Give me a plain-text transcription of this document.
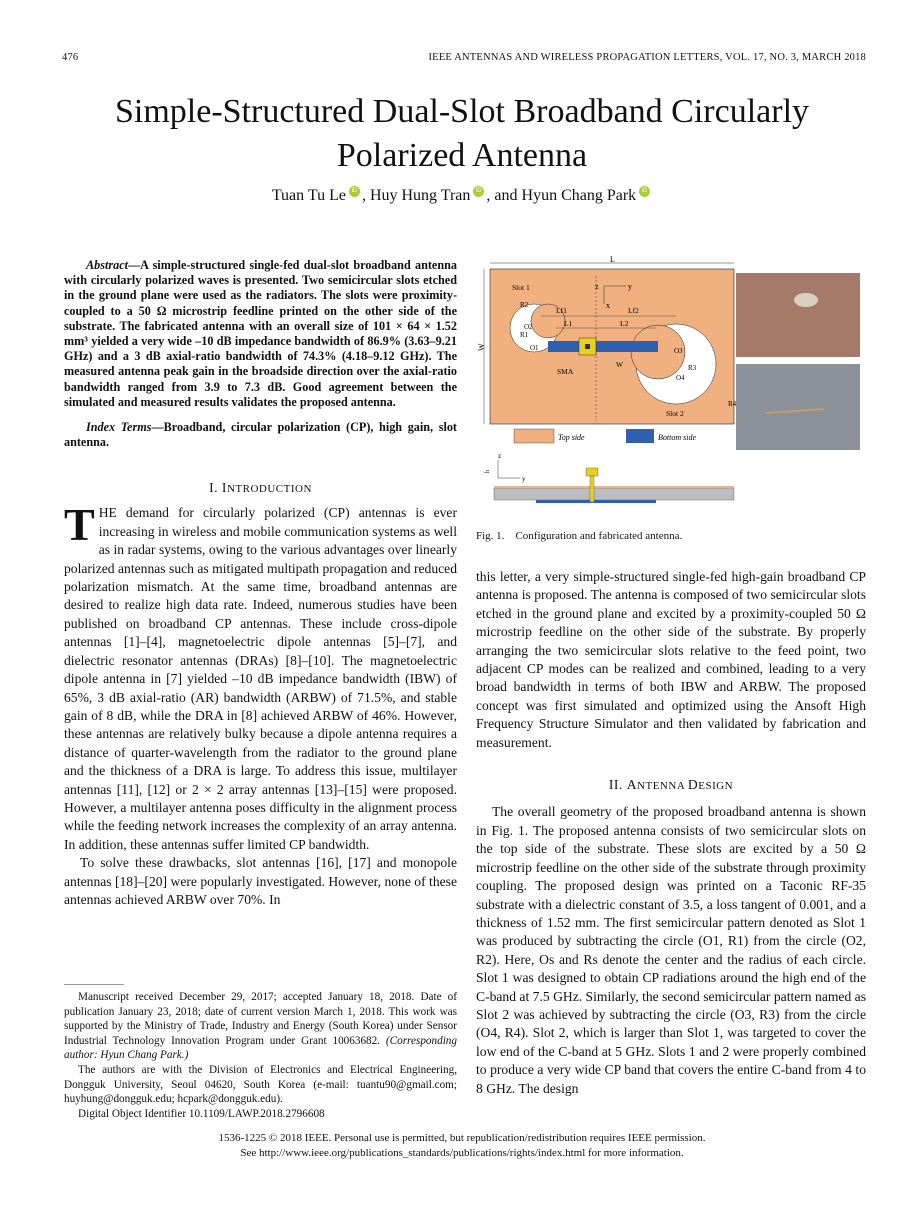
476	IEEE ANTENNAS AND WIRELESS PROPAGATION LETTERS, VOL. 17, NO. 3, MARCH 2018
Simple-Structured Dual-Slot Broadband Circularly
Polarized Antenna
Tuan Tu Le iD , Huy Hung Tran iD , and Hyun Chang Park iD
Abstract—A simple-structured single-fed dual-slot broadband antenna with circularly polarized waves is presented. Two semicircular slots etched in the ground plane were used as the radiators. The slots were proximity-coupled to a 50 Ω microstrip feedline printed on the other side of the substrate. The fabricated antenna with an overall size of 101 × 64 × 1.52 mm³ yielded a very wide –10 dB impedance bandwidth of 86.9% (3.63–9.21 GHz) and a 3 dB axial-ratio bandwidth of 74.3% (4.18–9.12 GHz). The measured antenna peak gain in the broadside direction over the axial-ratio bandwidth ranged from 3.9 to 7.3 dB. Good agreement between the simulated and measured results validates the proposed antenna.
Index Terms—Broadband, circular polarization (CP), high gain, slot antenna.
I. INTRODUCTION

THE demand for circularly polarized (CP) antennas is ever increasing in wireless and mobile communication systems as well as in radar systems, owing to the various advantages over linearly polarized antennas such as mitigated multipath propagation and reduced polarization mismatch. At the same time, broadband antennas are desired to realize high data rate. Indeed, numerous studies have been published on broadband CP antennas. These include cross-dipole antennas [1]–[4], magnetoelectric dipole antennas [5]–[7], and dielectric resonator antennas (DRAs) [8]–[10]. The magnetoelectric dipole antenna in [7] yielded –10 dB impedance bandwidth (IBW) of 65%, 3 dB axial-ratio (AR) bandwidth (ARBW) of 71.5%, and stable gain of 8 dB, while the DRA in [8] achieved ARBW of 46%. However, these antennas are relatively bulky because a dipole antenna requires a distance of quarter-wavelength from the radiator to the ground plane and the thickness of a DRA is large. To address this issue, multilayer antennas [11], [12] or 2 × 2 array antennas [13]–[15] were proposed. However, a multilayer antenna poses difficulty in the alignment process while the feeding network increases the complexity of an array antenna. In addition, these antennas suffer limited CP bandwidth.

To solve these drawbacks, slot antennas [16], [17] and monopole antennas [18]–[20] were popularly investigated. However, none of these antennas achieved ARBW over 70%. In

Manuscript received December 29, 2017; accepted January 18, 2018. Date of publication January 23, 2018; date of current version March 1, 2018. This work was supported by the Ministry of Trade, Industry and Energy (South Korea) under Sensor Industrial Technology Innovation Program under Grant 10063682. (Corresponding author: Hyun Chang Park.)
The authors are with the Division of Electronics and Electrical Engineering, Dongguk University, Seoul 04620, South Korea (e-mail: tuantu90@gmail.com; huyhung@dongguk.edu; hcpark@dongguk.edu).
Digital Object Identifier 10.1109/LAWP.2018.2796608
L
W
z	y
x
Lf1	Lf2
L1	L2
Slot 1
R2
O2
R1
O1
SMA
W
O3
R3
O4
R4
Slot 2
Top side	Bottom side
z
y
h
Fig. 1. Configuration and fabricated antenna.

this letter, a very simple-structured single-fed high-gain broadband CP antenna is proposed. The antenna is composed of two semicircular slots etched in the ground plane and excited by a proximity-coupled 50 Ω microstrip feedline on the other side of the substrate. By properly arranging the two semicircular slots relative to the feed point, two adjacent CP modes can be realized and combined, leading to a very broad bandwidth in terms of both IBW and ARBW. The proposed concept was first simulated and optimized using the Ansoft High Frequency Structure Simulator and then validated by fabrication and measurement.

II. ANTENNA DESIGN

The overall geometry of the proposed broadband antenna is shown in Fig. 1. The proposed antenna consists of two semicircular slots on the top side of the substrate. These slots are excited by a 50 Ω microstrip feedline on the other side of the substrate through proximity coupling. The proposed design was printed on a Taconic RF-35 substrate with a dielectric constant of 3.5, a loss tangent of 0.001, and a thickness of 1.52 mm. The first semicircular pattern denoted as Slot 1 was produced by subtracting the circle (O1, R1) from the circle (O2, R2). Here, Os and Rs denote the center and the radius of each circle. Slot 1 was designed to obtain CP radiations around the high end of the C-band at 7.5 GHz. Similarly, the second semicircular pattern named as Slot 2 was achieved by subtracting the circle (O3, R3) from the circle (O4, R4). Slot 2, which is larger than Slot 1, was targeted to cover the low end of the C-band at 5 GHz. Slots 1 and 2 were properly combined to produce a very wide CP band that covers the entire C-band from 4 to 8 GHz. The design

1536-1225 © 2018 IEEE. Personal use is permitted, but republication/redistribution requires IEEE permission.
See http://www.ieee.org/publications_standards/publications/rights/index.html for more information.
